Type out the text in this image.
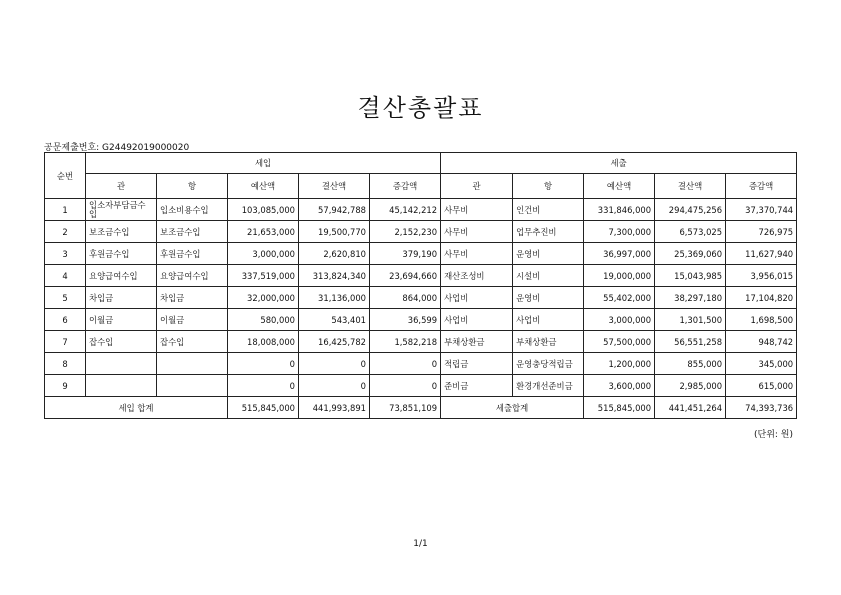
결산총괄표
공문제출번호: G24492019000020
순번	세입					세출				
	관	항	예산액	결산액	증감액	관	항	예산액	결산액	증감액
1	입소자부담금수입	입소비용수입	103,085,000	57,942,788	45,142,212	사무비	인건비	331,846,000	294,475,256	37,370,744
2	보조금수입	보조금수입	21,653,000	19,500,770	2,152,230	사무비	업무추진비	7,300,000	6,573,025	726,975
3	후원금수입	후원금수입	3,000,000	2,620,810	379,190	사무비	운영비	36,997,000	25,369,060	11,627,940
4	요양급여수입	요양급여수입	337,519,000	313,824,340	23,694,660	재산조성비	시설비	19,000,000	15,043,985	3,956,015
5	차입금	차입금	32,000,000	31,136,000	864,000	사업비	운영비	55,402,000	38,297,180	17,104,820
6	이월금	이월금	580,000	543,401	36,599	사업비	사업비	3,000,000	1,301,500	1,698,500
7	잡수입	잡수입	18,008,000	16,425,782	1,582,218	부채상환금	부채상환금	57,500,000	56,551,258	948,742
8			0	0	0	적립금	운영충당적립금	1,200,000	855,000	345,000
9			0	0	0	준비금	환경개선준비금	3,600,000	2,985,000	615,000
세입 합계			515,845,000	441,993,891	73,851,109	세출합계		515,845,000	441,451,264	74,393,736
(단위: 원)
1/1
